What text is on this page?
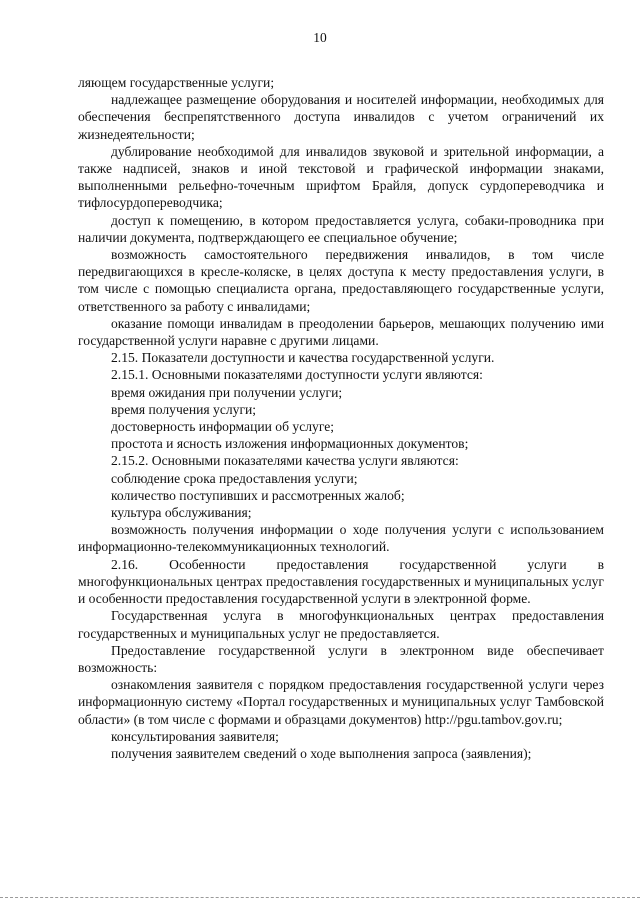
10

ляющем государственные услуги;

надлежащее размещение оборудования и носителей информации, необходимых для обеспечения беспрепятственного доступа инвалидов с учетом ограничений их жизнедеятельности;

дублирование необходимой для инвалидов звуковой и зрительной информации, а также надписей, знаков и иной текстовой и графической информации знаками, выполненными рельефно-точечным шрифтом Брайля, допуск сурдопереводчика и тифлосурдопереводчика;

доступ к помещению, в котором предоставляется услуга, собаки-проводника при наличии документа, подтверждающего ее специальное обучение;

возможность самостоятельного передвижения инвалидов, в том числе передвигающихся в кресле-коляске, в целях доступа к месту предоставления услуги, в том числе с помощью специалиста органа, предоставляющего государственные услуги, ответственного за работу с инвалидами;

оказание помощи инвалидам в преодолении барьеров, мешающих получению ими государственной услуги наравне с другими лицами.

2.15. Показатели доступности и качества государственной услуги.

2.15.1. Основными показателями доступности услуги являются:

время ожидания при получении услуги;

время получения услуги;

достоверность информации об услуге;

простота и ясность изложения информационных документов;

2.15.2. Основными показателями качества услуги являются:

соблюдение срока предоставления услуги;

количество поступивших и рассмотренных жалоб;

культура обслуживания;

возможность получения информации о ходе получения услуги с использованием информационно-телекоммуникационных технологий.

2.16. Особенности предоставления государственной услуги в многофункциональных центрах предоставления государственных и муниципальных услуг и особенности предоставления государственной услуги в электронной форме.

Государственная услуга в многофункциональных центрах предоставления государственных и муниципальных услуг не предоставляется.

Предоставление государственной услуги в электронном виде обеспечивает возможность:

ознакомления заявителя с порядком предоставления государственной услуги через информационную систему «Портал государственных и муниципальных услуг Тамбовской области» (в том числе с формами и образцами документов) http://pgu.tambov.gov.ru;

консультирования заявителя;

получения заявителем сведений о ходе выполнения запроса (заявления);
